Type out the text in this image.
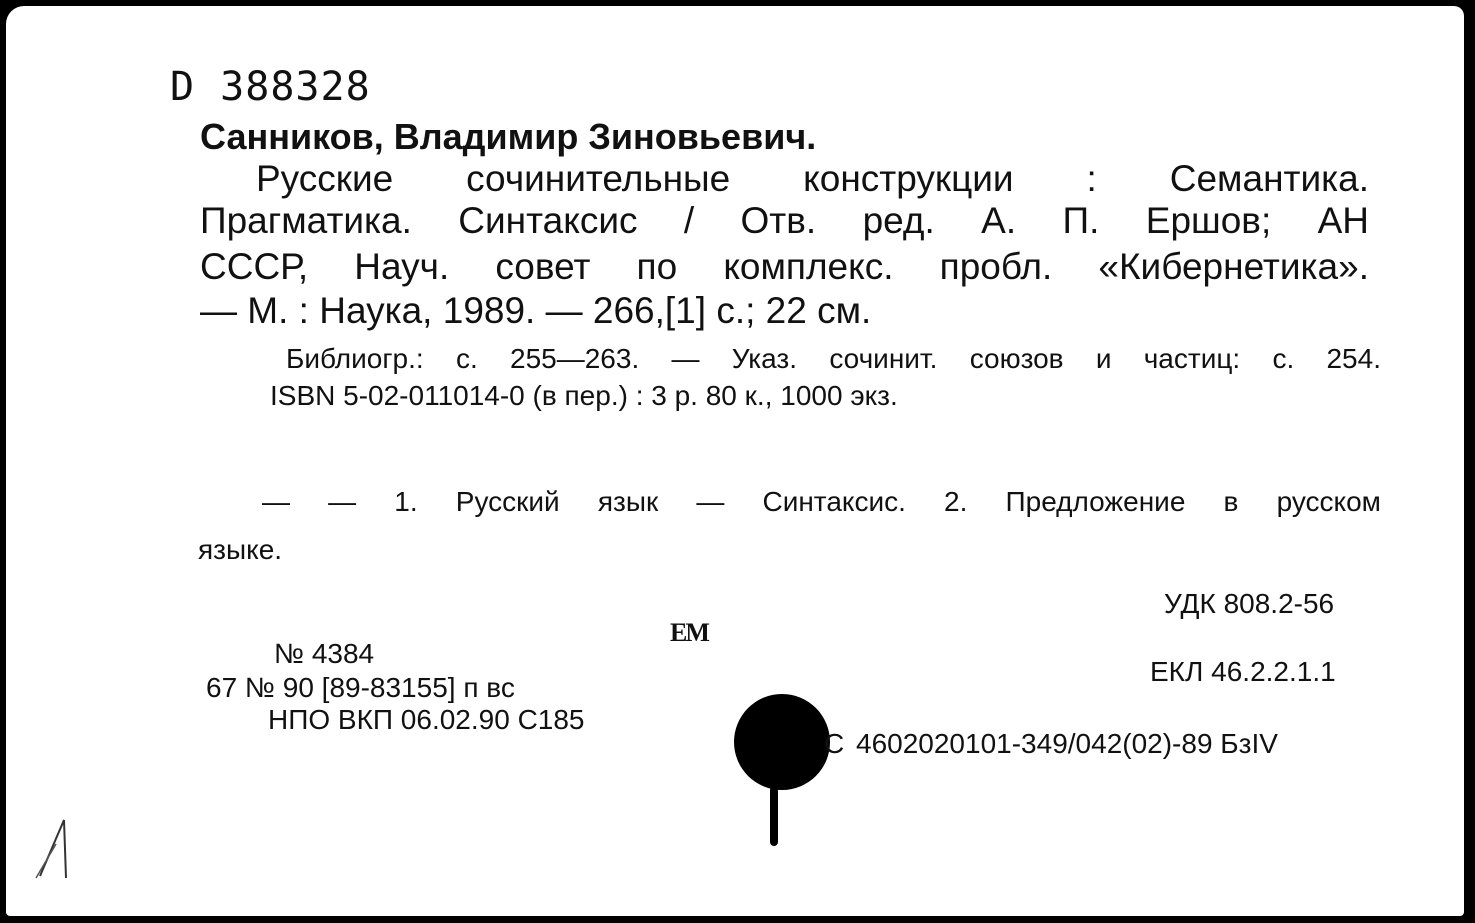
D 388328
Санников, Владимир Зиновьевич.
Русские сочинительные конструкции : Семантика.
Прагматика. Синтаксис / Отв. ред. А. П. Ершов; АН
СССР, Науч. совет по комплекс. пробл. «Кибернетика».
— М. : Наука, 1989. — 266,[1] с.; 22 см.
Библиогр.: с. 255—263. — Указ. сочинит. союзов и частиц: с. 254.
ISBN 5-02-011014-0 (в пер.) : 3 р. 80 к., 1000 экз.
— — 1. Русский язык — Синтаксис. 2. Предложение в русском
языке.
УДК 808.2-56
ЕКЛ 46.2.2.1.1
С 4602020101-349/042(02)-89 БзIV
ЕМ
№ 4384
67 № 90 [89-83155] п вс
НПО ВКП 06.02.90 С185
